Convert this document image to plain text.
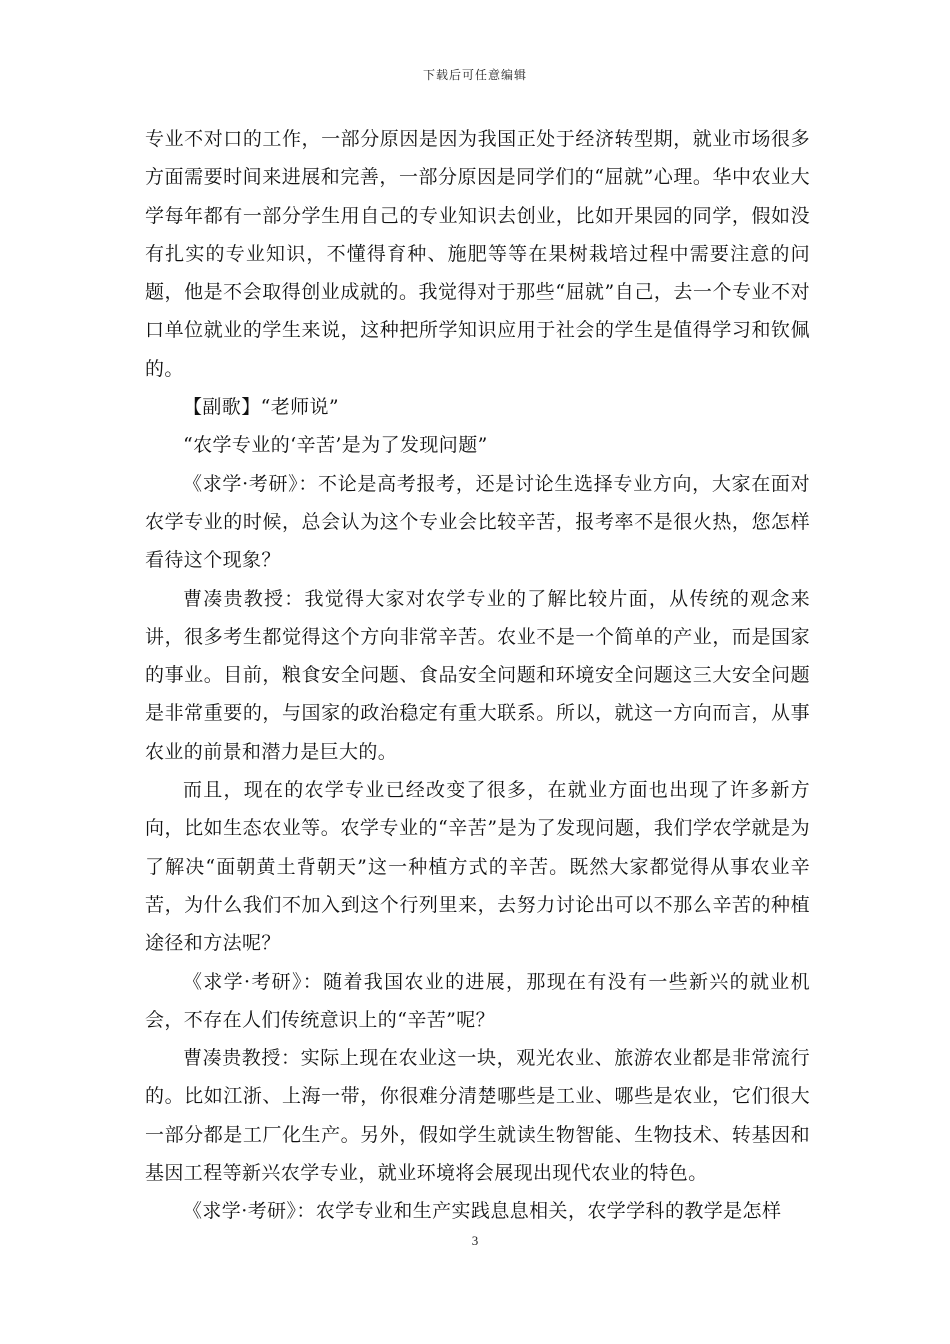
下载后可任意编辑

专业不对口的工作，一部分原因是因为我国正处于经济转型期，就业市场很多方面需要时间来进展和完善，一部分原因是同学们的“屈就”心理。华中农业大学每年都有一部分学生用自己的专业知识去创业，比如开果园的同学，假如没有扎实的专业知识，不懂得育种、施肥等等在果树栽培过程中需要注意的问题，他是不会取得创业成就的。我觉得对于那些“屈就”自己，去一个专业不对口单位就业的学生来说，这种把所学知识应用于社会的学生是值得学习和钦佩的。

【副歌】“老师说”

“农学专业的‘辛苦’是为了发现问题”

《求学·考研》：不论是高考报考，还是讨论生选择专业方向，大家在面对农学专业的时候，总会认为这个专业会比较辛苦，报考率不是很火热，您怎样看待这个现象？

曹凑贵教授：我觉得大家对农学专业的了解比较片面，从传统的观念来讲，很多考生都觉得这个方向非常辛苦。农业不是一个简单的产业，而是国家的事业。目前，粮食安全问题、食品安全问题和环境安全问题这三大安全问题是非常重要的，与国家的政治稳定有重大联系。所以，就这一方向而言，从事农业的前景和潜力是巨大的。

而且，现在的农学专业已经改变了很多，在就业方面也出现了许多新方向，比如生态农业等。农学专业的“辛苦”是为了发现问题，我们学农学就是为了解决“面朝黄土背朝天”这一种植方式的辛苦。既然大家都觉得从事农业辛苦，为什么我们不加入到这个行列里来，去努力讨论出可以不那么辛苦的种植途径和方法呢？

《求学·考研》：随着我国农业的进展，那现在有没有一些新兴的就业机会，不存在人们传统意识上的“辛苦”呢？

曹凑贵教授：实际上现在农业这一块，观光农业、旅游农业都是非常流行的。比如江浙、上海一带，你很难分清楚哪些是工业、哪些是农业，它们很大一部分都是工厂化生产。另外，假如学生就读生物智能、生物技术、转基因和基因工程等新兴农学专业，就业环境将会展现出现代农业的特色。

《求学·考研》：农学专业和生产实践息息相关，农学学科的教学是怎样

3
